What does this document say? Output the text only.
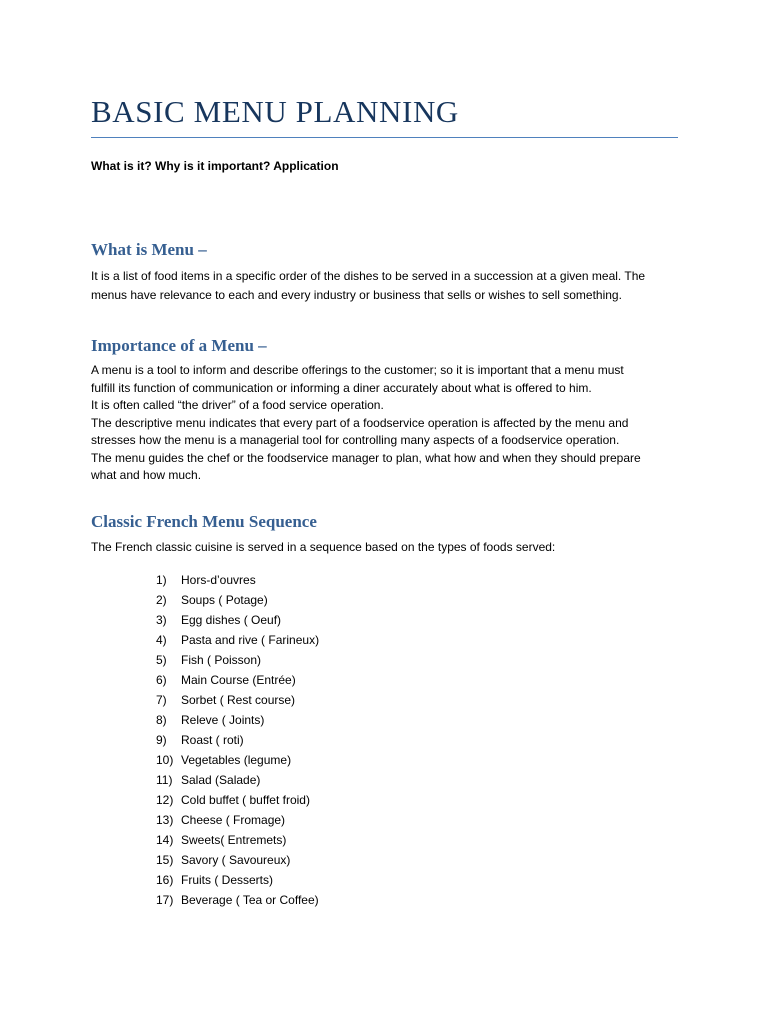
BASIC MENU PLANNING

What is it? Why is it important? Application

What is Menu –

It is a list of food items in a specific order of the dishes to be served in a succession at a given meal. The

menus have relevance to each and every industry or business that sells or wishes to sell something.

Importance of a Menu –

A menu is a tool to inform and describe offerings to the customer; so it is important that a menu must

fulfill its function of communication or informing a diner accurately about what is offered to him.

It is often called “the driver” of a food service operation.

The descriptive menu indicates that every part of a foodservice operation is affected by the menu and

stresses how the menu is a managerial tool for controlling many aspects of a foodservice operation.

The menu guides the chef or the foodservice manager to plan, what how and when they should prepare

what and how much.

Classic French Menu Sequence

The French classic cuisine is served in a sequence based on the types of foods served:

1) Hors-d’ouvres
2) Soups ( Potage)
3) Egg dishes ( Oeuf)
4) Pasta and rive ( Farineux)
5) Fish ( Poisson)
6) Main Course (Entrée)
7) Sorbet ( Rest course)
8) Releve ( Joints)
9) Roast ( roti)
10) Vegetables (legume)
11) Salad (Salade)
12) Cold buffet ( buffet froid)
13) Cheese ( Fromage)
14) Sweets( Entremets)
15) Savory ( Savoureux)
16) Fruits ( Desserts)
17) Beverage ( Tea or Coffee)
